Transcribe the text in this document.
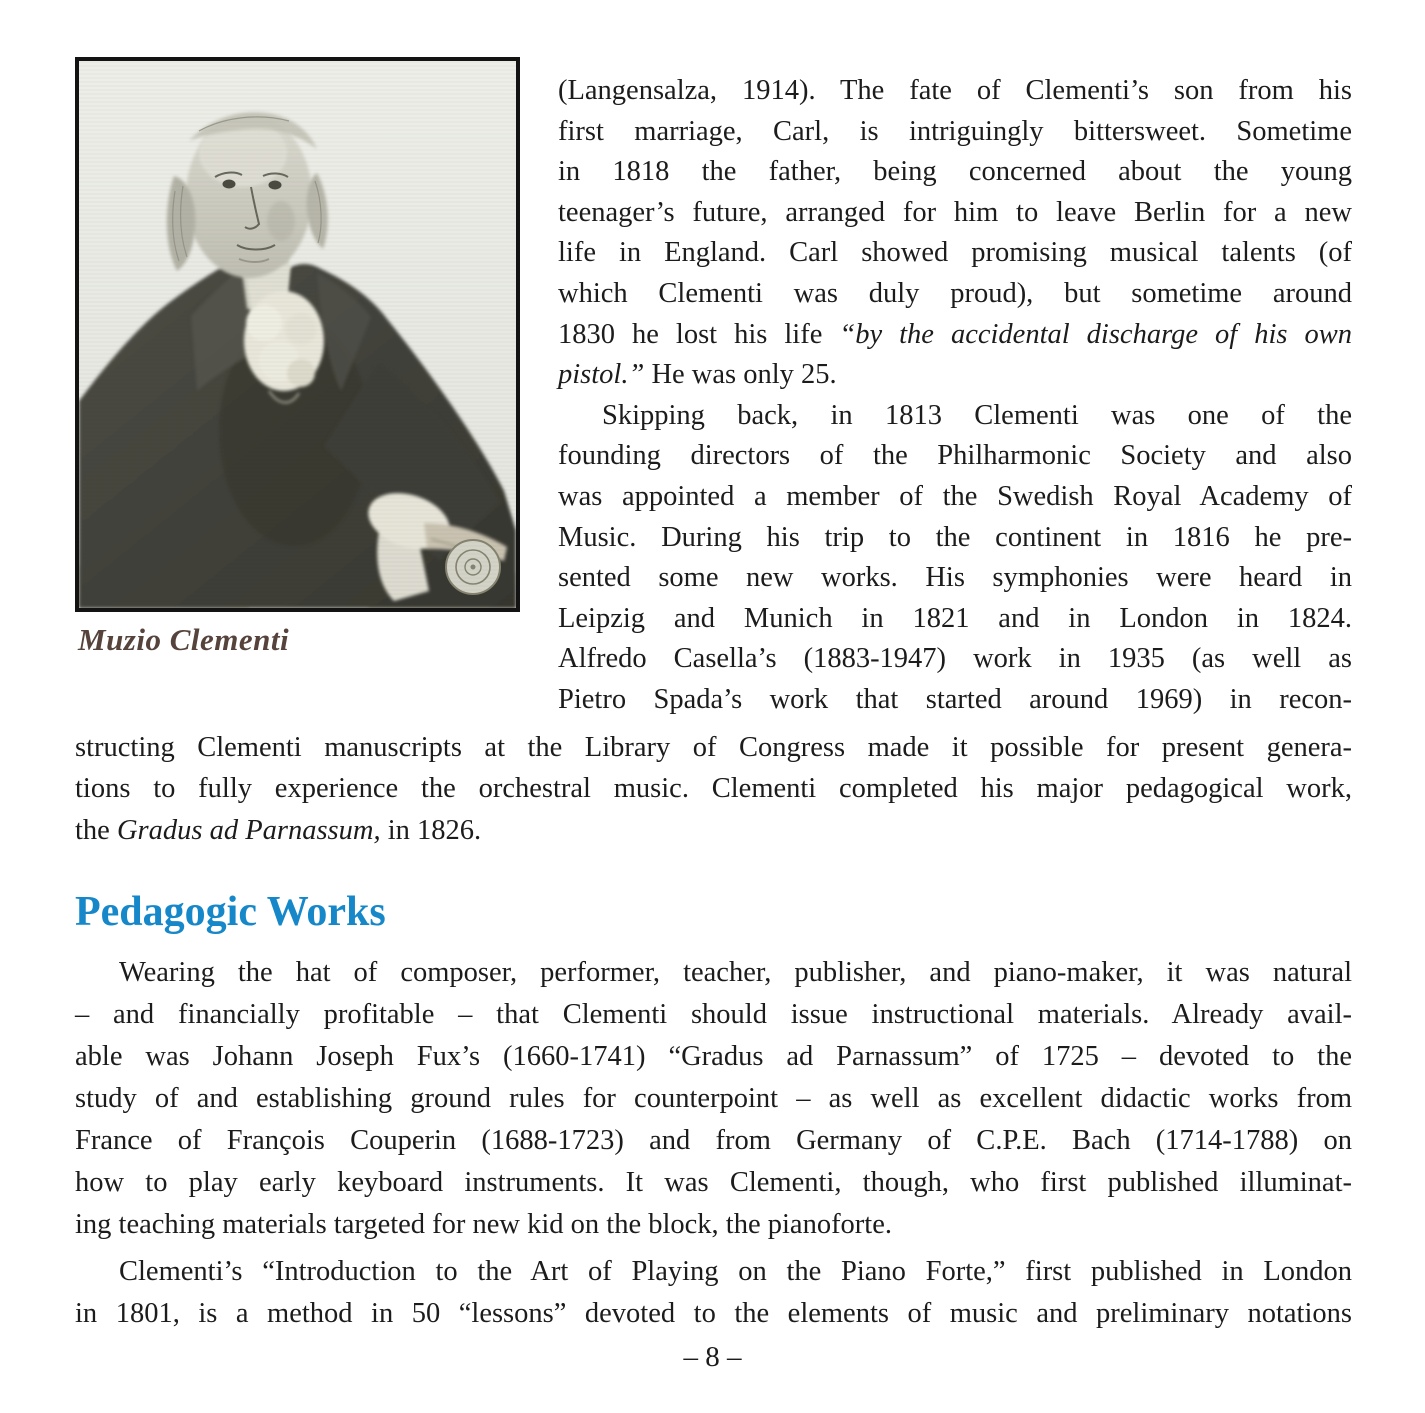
Muzio Clementi
(Langensalza, 1914). The fate of Clementi’s son from his
first marriage, Carl, is intriguingly bittersweet. Sometime
in 1818 the father, being concerned about the young
teenager’s future, arranged for him to leave Berlin for a new
life in England. Carl showed promising musical talents (of
which Clementi was duly proud), but sometime around
1830 he lost his life “by the accidental discharge of his own
pistol.” He was only 25.
Skipping back, in 1813 Clementi was one of the
founding directors of the Philharmonic Society and also
was appointed a member of the Swedish Royal Academy of
Music. During his trip to the continent in 1816 he pre-
sented some new works. His symphonies were heard in
Leipzig and Munich in 1821 and in London in 1824.
Alfredo Casella’s (1883-1947) work in 1935 (as well as
Pietro Spada’s work that started around 1969) in recon-
structing Clementi manuscripts at the Library of Congress made it possible for present genera-
tions to fully experience the orchestral music. Clementi completed his major pedagogical work,
the Gradus ad Parnassum, in 1826.
Pedagogic Works
Wearing the hat of composer, performer, teacher, publisher, and piano-maker, it was natural
– and financially profitable – that Clementi should issue instructional materials. Already avail-
able was Johann Joseph Fux’s (1660-1741) “Gradus ad Parnassum” of 1725 – devoted to the
study of and establishing ground rules for counterpoint – as well as excellent didactic works from
France of François Couperin (1688-1723) and from Germany of C.P.E. Bach (1714-1788) on
how to play early keyboard instruments. It was Clementi, though, who first published illuminat-
ing teaching materials targeted for new kid on the block, the pianoforte.
Clementi’s “Introduction to the Art of Playing on the Piano Forte,” first published in London
in 1801, is a method in 50 “lessons” devoted to the elements of music and preliminary notations
– 8 –
